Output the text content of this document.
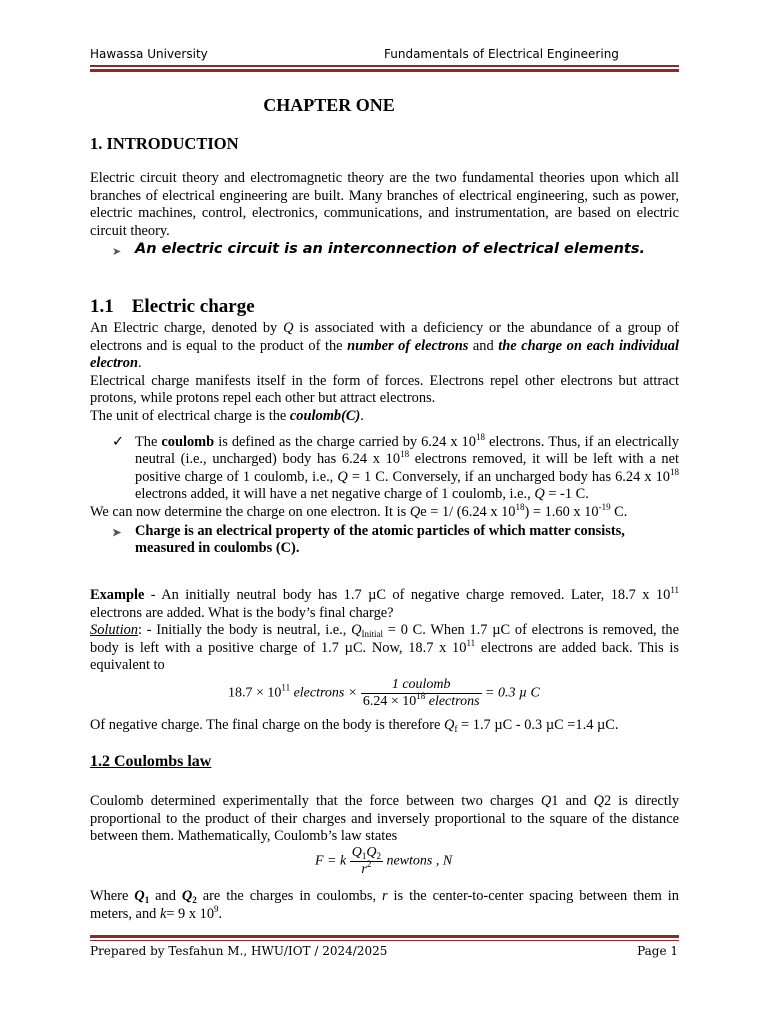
Hawassa University	Fundamentals of Electrical Engineering
CHAPTER ONE
1. INTRODUCTION

Electric circuit theory and electromagnetic theory are the two fundamental theories upon which all branches of electrical engineering are built. Many branches of electrical engineering, such as power, electric machines, control, electronics, communications, and instrumentation, are based on electric circuit theory.

➤ An electric circuit is an interconnection of electrical elements.
1.1 Electric charge

An Electric charge, denoted by Q is associated with a deficiency or the abundance of a group of electrons and is equal to the product of the number of electrons and the charge on each individual electron.

Electrical charge manifests itself in the form of forces. Electrons repel other electrons but attract protons, while protons repel each other but attract electrons.

The unit of electrical charge is the coulomb(C).

✓ The coulomb is defined as the charge carried by 6.24 x $10^{18}$ electrons. Thus, if an electrically neutral (i.e., uncharged) body has 6.24 x $10^{18}$ electrons removed, it will be left with a net positive charge of 1 coulomb, i.e., Q = 1 C. Conversely, if an uncharged body has 6.24 x $10^{18}$ electrons added, it will have a net negative charge of 1 coulomb, i.e., Q = -1 C.

We can now determine the charge on one electron. It is Qe = 1/ (6.24 x $10^{18}) = 1.60$ x $10^{-19}$ C.

➤ Charge is an electrical property of the atomic particles of which matter consists, measured in coulombs (C).

Example - An initially neutral body has 1.7 µC of negative charge removed. Later, 18.7 x $10^{11}$ electrons are added. What is the body’s final charge?

Solution: - Initially the body is neutral, i.e., $Q_{Initial} = 0$ C. When 1.7 µC of electrons is removed, the body is left with a positive charge of 1.7 µC. Now, 18.7 x $10^{11}$ electrons are added back. This is equivalent to

$18.7 \times 10^{11}$ electrons × $\frac{\text{1 coulomb}}{6.24 \times 10^{18} electrons} = 0.3$ µ C

Of negative charge. The final charge on the body is therefore $Q_f = 1.7$ µC - 0.3 µC =1.4 µC.

1.2 Coulombs law

Coulomb determined experimentally that the force between two charges Q1 and Q2 is directly proportional to the product of their charges and inversely proportional to the square of the distance between them. Mathematically, Coulomb’s law states

F = k $\frac{Q_1Q_2}{r^2}$ newtons , N

Where $Q_1$ and $Q_2$ are the charges in coulombs, r is the center-to-center spacing between them in meters, and k= 9 x $10^9$.

Prepared by Tesfahun M., HWU/IOT / 2024/2025	Page 1
